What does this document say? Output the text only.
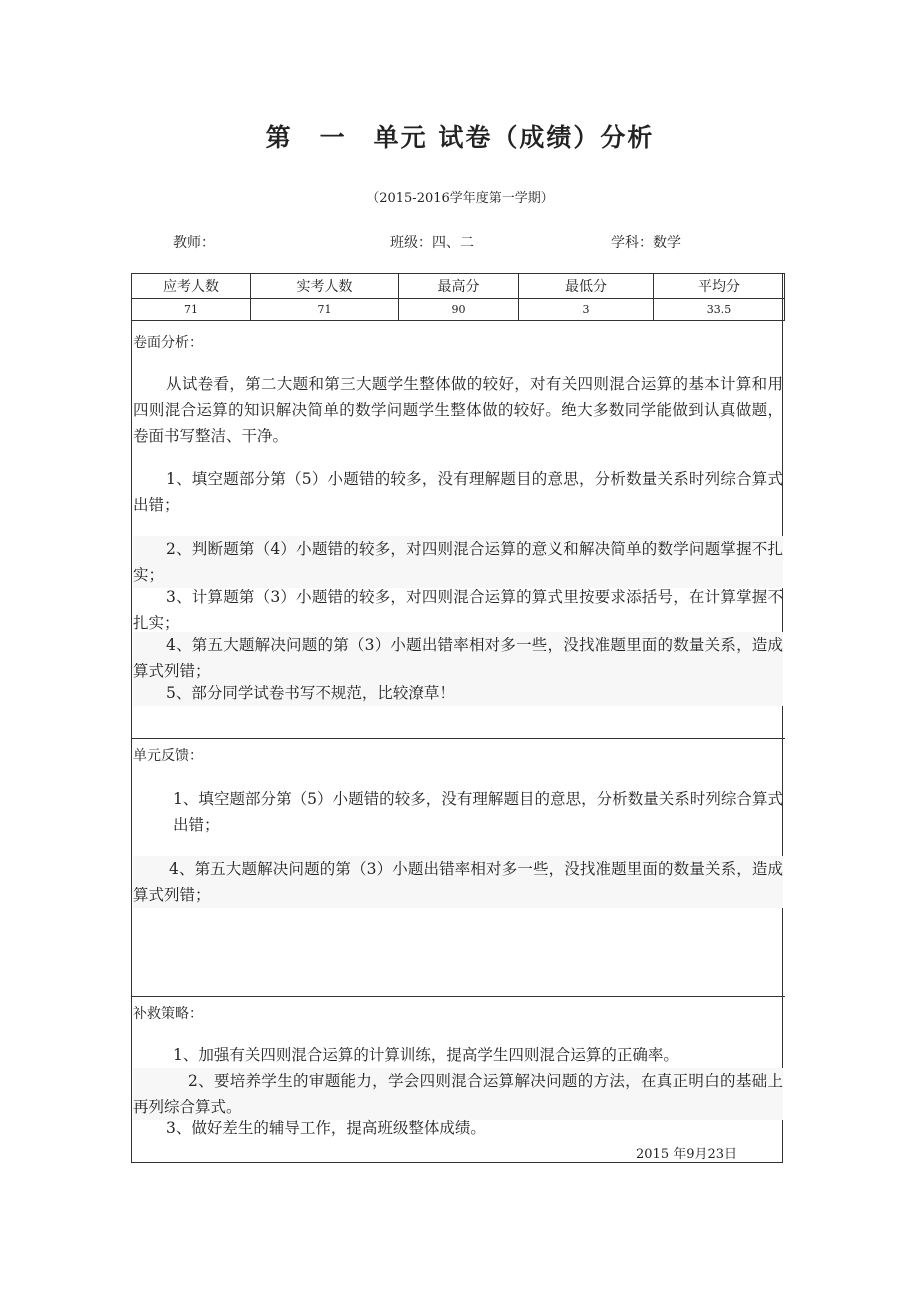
第　一　单元 试卷（成绩）分析
（2015-2016学年度第一学期）
教师：	班级：四、二	学科：数学
应考人数	实考人数	最高分	最低分	平均分
71	71	90	3	33.5
卷面分析：
从试卷看，第二大题和第三大题学生整体做的较好，对有关四则混合运算的基本计算和用四则混合运算的知识解决简单的数学问题学生整体做的较好。绝大多数同学能做到认真做题，卷面书写整洁、干净。
1、填空题部分第（5）小题错的较多，没有理解题目的意思，分析数量关系时列综合算式出错；
2、判断题第（4）小题错的较多，对四则混合运算的意义和解决简单的数学问题掌握不扎实；
3、计算题第（3）小题错的较多，对四则混合运算的算式里按要求添括号，在计算掌握不扎实；
4、第五大题解决问题的第（3）小题出错率相对多一些，没找准题里面的数量关系，造成算式列错；
5、部分同学试卷书写不规范，比较潦草！
单元反馈：
1、填空题部分第（5）小题错的较多，没有理解题目的意思，分析数量关系时列综合算式出错；
4、第五大题解决问题的第（3）小题出错率相对多一些，没找准题里面的数量关系，造成算式列错；
补救策略：
1、加强有关四则混合运算的计算训练，提高学生四则混合运算的正确率。
2、要培养学生的审题能力，学会四则混合运算解决问题的方法，在真正明白的基础上再列综合算式。
3、做好差生的辅导工作，提高班级整体成绩。
2015 年9月23日
